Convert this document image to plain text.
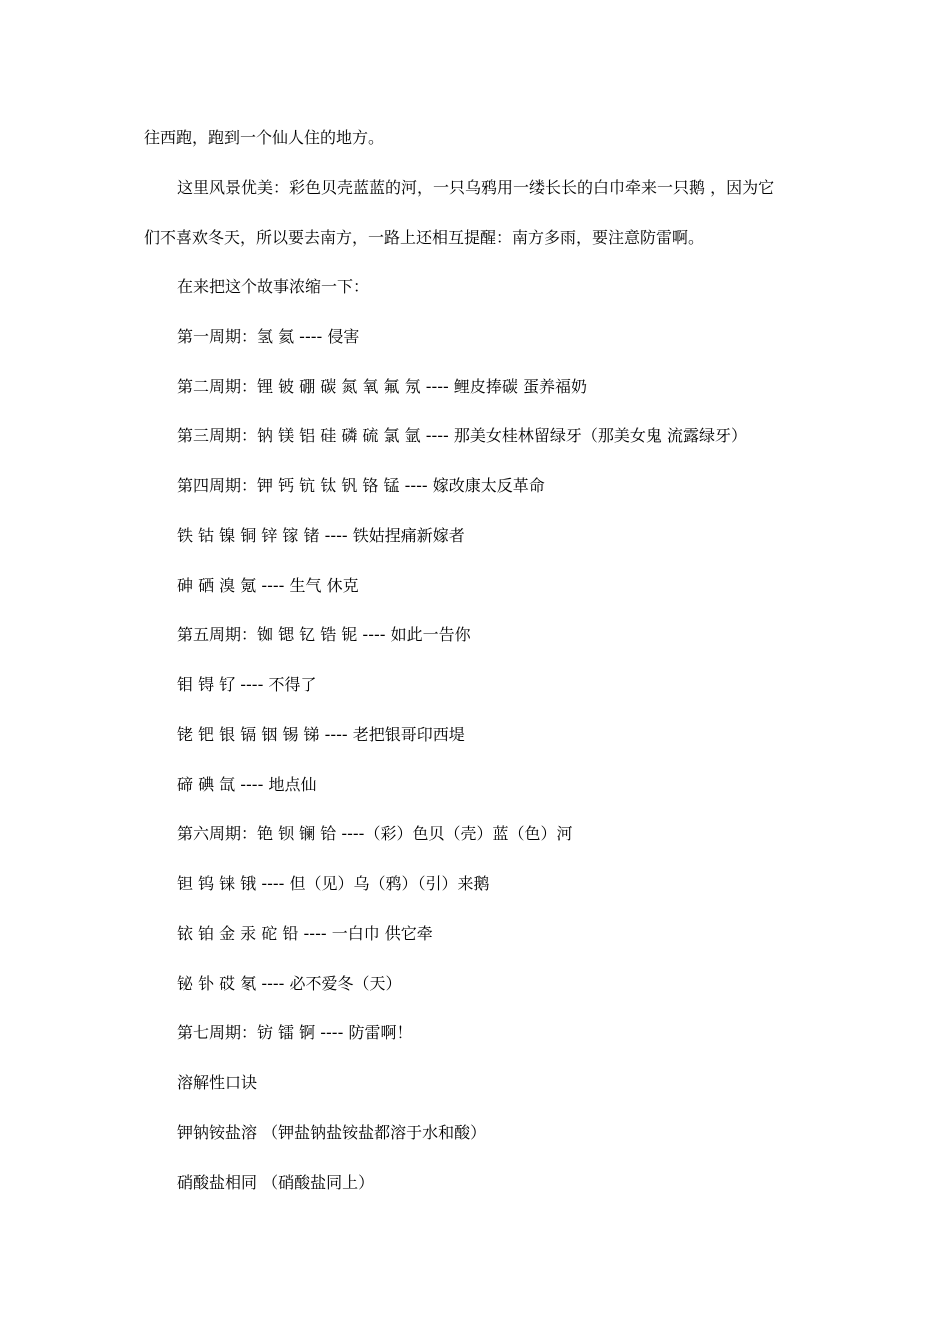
往西跑，跑到一个仙人住的地方。
这里风景优美：彩色贝壳蓝蓝的河，一只乌鸦用一缕长长的白巾牵来一只鹅 ，因为它
们不喜欢冬天，所以要去南方，一路上还相互提醒：南方多雨，要注意防雷啊。
在来把这个故事浓缩一下：
第一周期：氢 氦 ---- 侵害
第二周期：锂 铍 硼 碳 氮 氧 氟 氖 ---- 鲤皮捧碳 蛋养福奶
第三周期：钠 镁 铝 硅 磷 硫 氯 氩 ---- 那美女桂林留绿牙（那美女鬼 流露绿牙）
第四周期：钾 钙 钪 钛 钒 铬 锰 ---- 嫁改康太反革命
铁 钴 镍 铜 锌 镓 锗 ---- 铁姑捏痛新嫁者
砷 硒 溴 氪 ---- 生气 休克
第五周期：铷 锶 钇 锆 铌 ---- 如此一告你
钼 锝 钌 ---- 不得了
铑 钯 银 镉 铟 锡 锑 ---- 老把银哥印西堤
碲 碘 氙 ---- 地点仙
第六周期：铯 钡 镧 铪 ----（彩）色贝（壳）蓝（色）河
钽 钨 铼 锇 ---- 但（见）乌（鸦）（引）来鹅
铱 铂 金 汞 砣 铅 ---- 一白巾 供它牵
铋 钋 砹 氡 ---- 必不爱冬（天）
第七周期：钫 镭 锕 ---- 防雷啊！
溶解性口诀
钾钠铵盐溶 （钾盐钠盐铵盐都溶于水和酸）
硝酸盐相同 （硝酸盐同上）
